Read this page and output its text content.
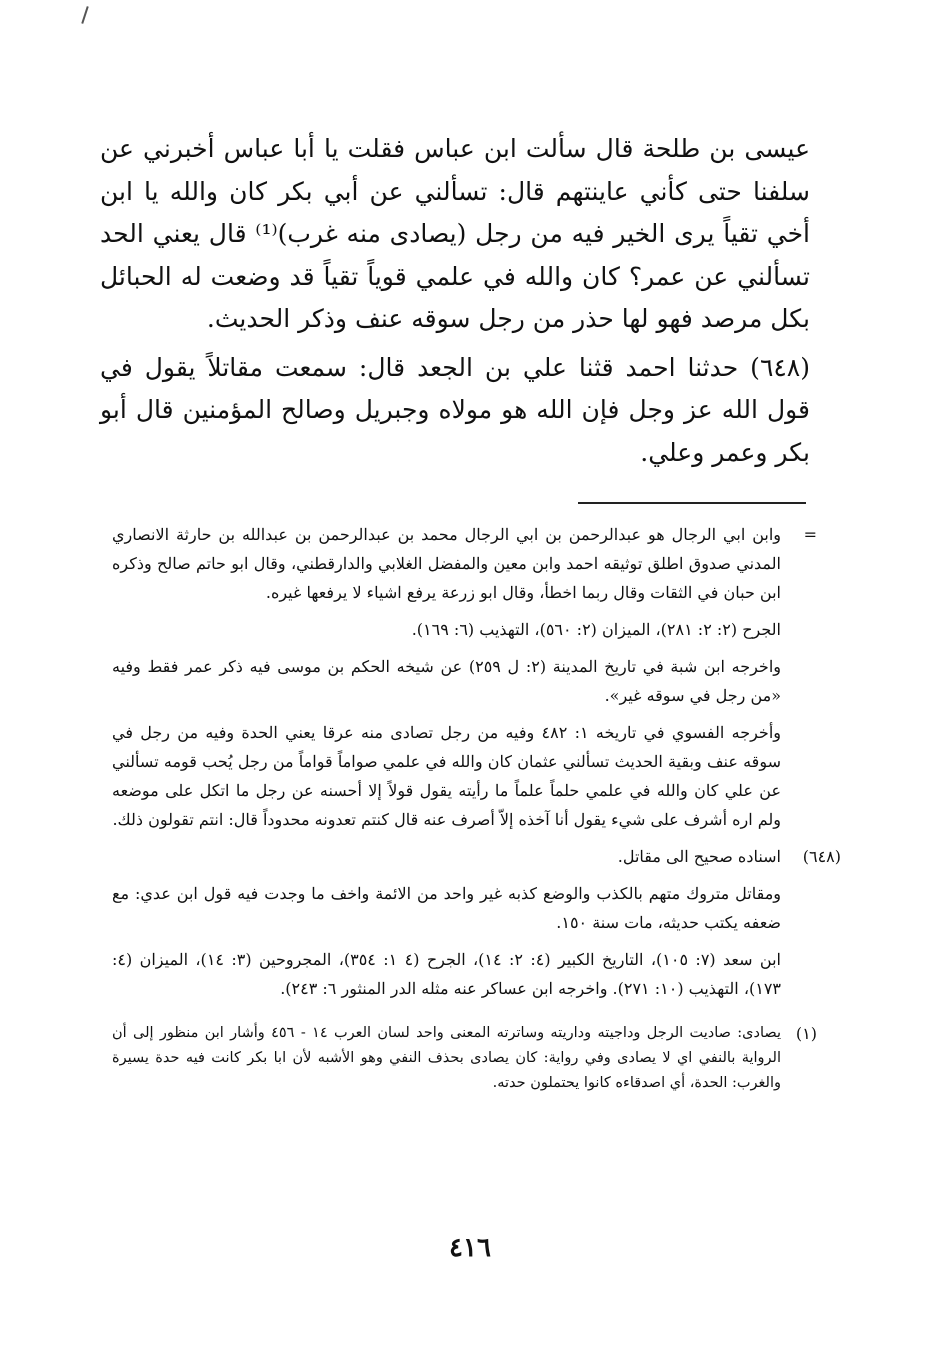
عيسى بن طلحة قال سألت ابن عباس فقلت يا أبا عباس أخبرني عن سلفنا حتى كأني عاينتهم قال: تسألني عن أبي بكر كان والله يا ابن أخي تقياً يرى الخير فيه من رجل (يصادى منه غرب)⁽¹⁾ قال يعني الحد تسألني عن عمر؟ كان والله في علمي قوياً تقياً قد وضعت له الحبائل بكل مرصد فهو لها حذر من رجل سوقه عنف وذكر الحديث.

(٦٤٨) حدثنا احمد قثنا علي بن الجعد قال: سمعت مقاتلاً يقول في قول الله عز وجل فإن الله هو مولاه وجبريل وصالح المؤمنين قال أبو بكر وعمر وعلي.

=
وابن ابي الرجال هو عبدالرحمن بن ابي الرجال محمد بن عبدالرحمن بن عبدالله بن حارثة الانصاري المدني صدوق اطلق توثيقه احمد وابن معين والمفضل الغلابي والدارقطني، وقال ابو حاتم صالح وذكره ابن حبان في الثقات وقال ربما اخطأ، وقال ابو زرعة يرفع اشياء لا يرفعها غيره.
الجرح (٢: ٢: ٢٨١)، الميزان (٢: ٥٦٠)، التهذيب (٦: ١٦٩).
واخرجه ابن شبة في تاريخ المدينة (٢: ل ٢٥٩) عن شيخه الحكم بن موسى فيه ذكر عمر فقط وفيه «من رجل في سوقه غير».
وأخرجه الفسوي في تاريخه ١: ٤٨٢ وفيه من رجل تصادى منه عرقا يعني الحدة وفيه من رجل في سوقه عنف وبقية الحديث تسألني عثمان كان والله في علمي صواماً قواماً من رجل يُحب قومه تسألني عن علي كان والله في علمي حلماً علماً ما رأيته يقول قولاً إلا أحسنه عن رجل ما اتكل على موضعه ولم اره أشرف على شيء يقول أنا آخذه إلاّ أصرف عنه قال كنتم تعدونه محدوداً قال: انتم تقولون ذلك.
(٦٤٨)
اسناده صحيح الى مقاتل.
ومقاتل متروك متهم بالكذب والوضع كذبه غير واحد من الائمة واخف ما وجدت فيه قول ابن عدي: مع ضعفه يكتب حديثه، مات سنة ١٥٠.
ابن سعد (٧: ١٠٥)، التاريخ الكبير (٤: ٢: ١٤)، الجرح (٤ ١: ٣٥٤)، المجروحين (٣: ١٤)، الميزان (٤: ١٧٣)، التهذيب (١٠: ٢٧١). واخرجه ابن عساكر عنه مثله الدر المنثور ٦: ٢٤٣).
(١)
يصادى: صاديت الرجل وداجيته وداريته وساترته المعنى واحد لسان العرب ١٤ - ٤٥٦ وأشار ابن منظور إلى أن الرواية بالنفي اي لا يصادى وفي رواية: كان يصادى بحذف النفي وهو الأشبه لأن ابا بكر كانت فيه حدة يسيرة والغرب: الحدة، أي اصدقاءه كانوا يحتملون حدته.
٤١٦
